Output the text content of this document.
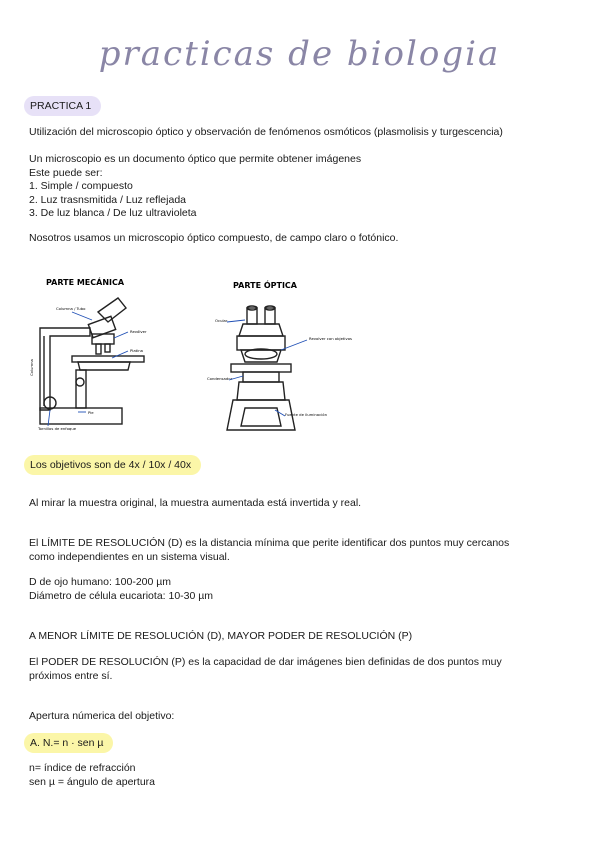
practicas de biologia
PRACTICA 1
Utilización del microscopio óptico y observación de fenómenos osmóticos (plasmolisis y turgescencia)
Un microscopio es un documento óptico que permite obtener imágenes
Este puede ser:
1. Simple / compuesto
2. Luz trasnsmitida / Luz reflejada
3. De luz blanca / De luz ultravioleta
Nosotros usamos un microscopio óptico compuesto, de campo claro o fotónico.
PARTE MECÁNICA
Columna / Tubo
Revólver
Platina
Columna
Pie
Tornillos de enfoque
PARTE ÓPTICA
Ocular
Revolver con objetivos
Condensador
Fuente de iluminación
Los objetivos son de 4x / 10x / 40x
Al mirar la muestra original, la muestra aumentada está invertida y real.
El LÍMITE DE RESOLUCIÓN (D) es la distancia mínima que perite identificar dos puntos muy cercanos
como independientes en un sistema visual.
D de ojo humano: 100-200 µm
Diámetro de célula eucariota: 10-30 µm
A MENOR LÍMITE DE RESOLUCIÓN (D), MAYOR PODER DE RESOLUCIÓN (P)
El PODER DE RESOLUCIÓN (P) es la capacidad de dar imágenes bien definidas de dos puntos muy
próximos entre sí.
Apertura númerica del objetivo:
A. N.= n · sen µ
n= índice de refracción
sen µ = ángulo de apertura
